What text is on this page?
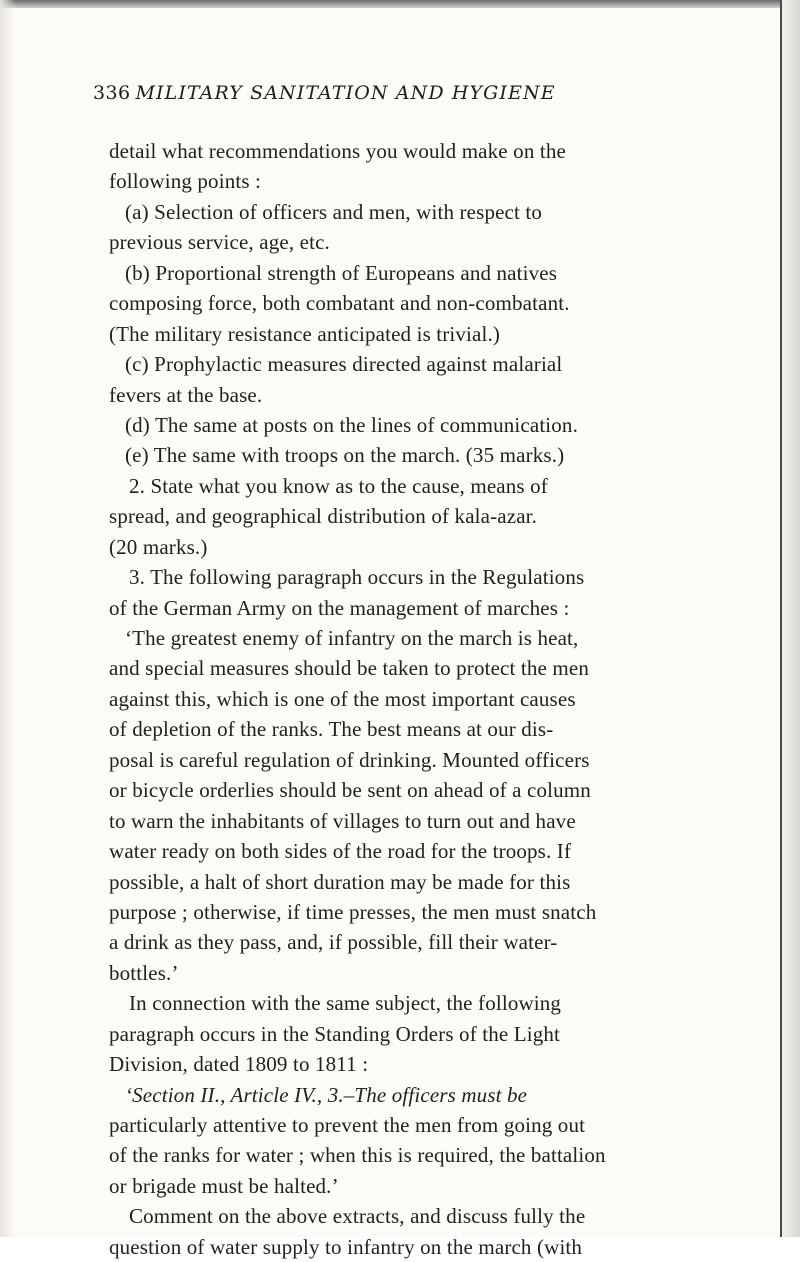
336 MILITARY SANITATION AND HYGIENE
detail what recommendations you would make on the
following points :
(a) Selection of officers and men, with respect to
previous service, age, etc.
(b) Proportional strength of Europeans and natives
composing force, both combatant and non-combatant.
(The military resistance anticipated is trivial.)
(c) Prophylactic measures directed against malarial
fevers at the base.
(d) The same at posts on the lines of communication.
(e) The same with troops on the march. (35 marks.)
2. State what you know as to the cause, means of
spread, and geographical distribution of kala-azar.
(20 marks.)
3. The following paragraph occurs in the Regulations
of the German Army on the management of marches :
‘The greatest enemy of infantry on the march is heat,
and special measures should be taken to protect the men
against this, which is one of the most important causes
of depletion of the ranks. The best means at our dis-
posal is careful regulation of drinking. Mounted officers
or bicycle orderlies should be sent on ahead of a column
to warn the inhabitants of villages to turn out and have
water ready on both sides of the road for the troops. If
possible, a halt of short duration may be made for this
purpose ; otherwise, if time presses, the men must snatch
a drink as they pass, and, if possible, fill their water-
bottles.’
In connection with the same subject, the following
paragraph occurs in the Standing Orders of the Light
Division, dated 1809 to 1811 :
‘Section II., Article IV., 3.–The officers must be
particularly attentive to prevent the men from going out
of the ranks for water ; when this is required, the battalion
or brigade must be halted.’
Comment on the above extracts, and discuss fully the
question of water supply to infantry on the march (with
